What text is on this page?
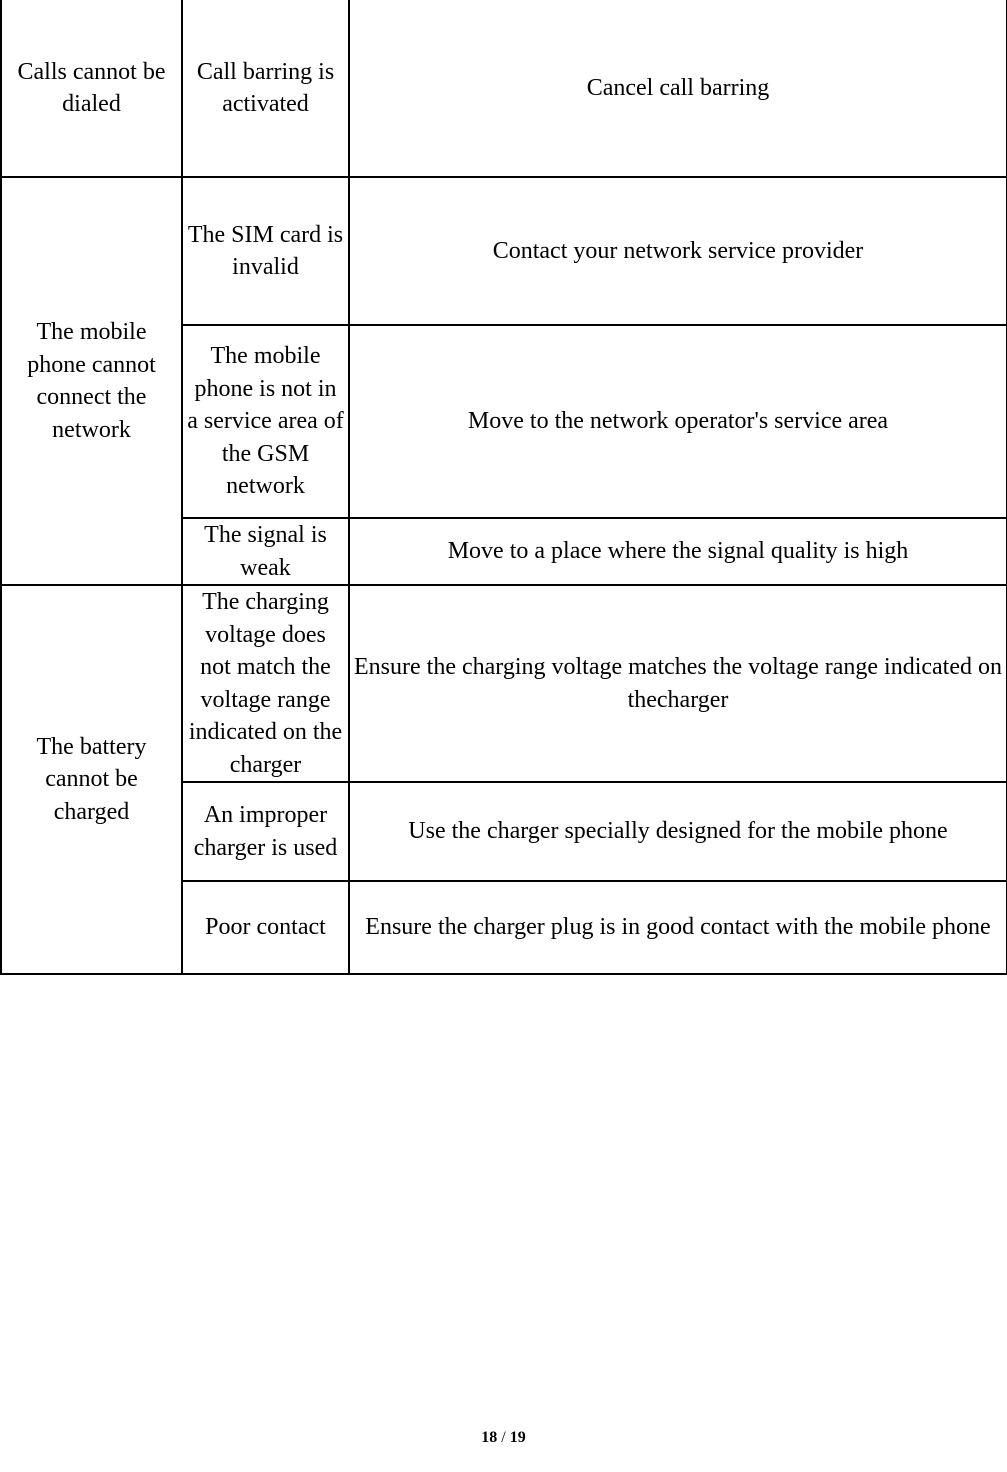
Calls cannot be dialed	Call barring is activated	Cancel call barring
The mobile phone cannot connect the network	The SIM card is invalid	Contact your network service provider
	The mobile phone is not in a service area of the GSM network	Move to the network operator's service area
	The signal is weak	Move to a place where the signal quality is high
The battery cannot be charged	The charging voltage does not match the voltage range indicated on the charger	Ensure the charging voltage matches the voltage range indicated on thecharger
	An improper charger is used	Use the charger specially designed for the mobile phone
	Poor contact	Ensure the charger plug is in good contact with the mobile phone
18 / 19
